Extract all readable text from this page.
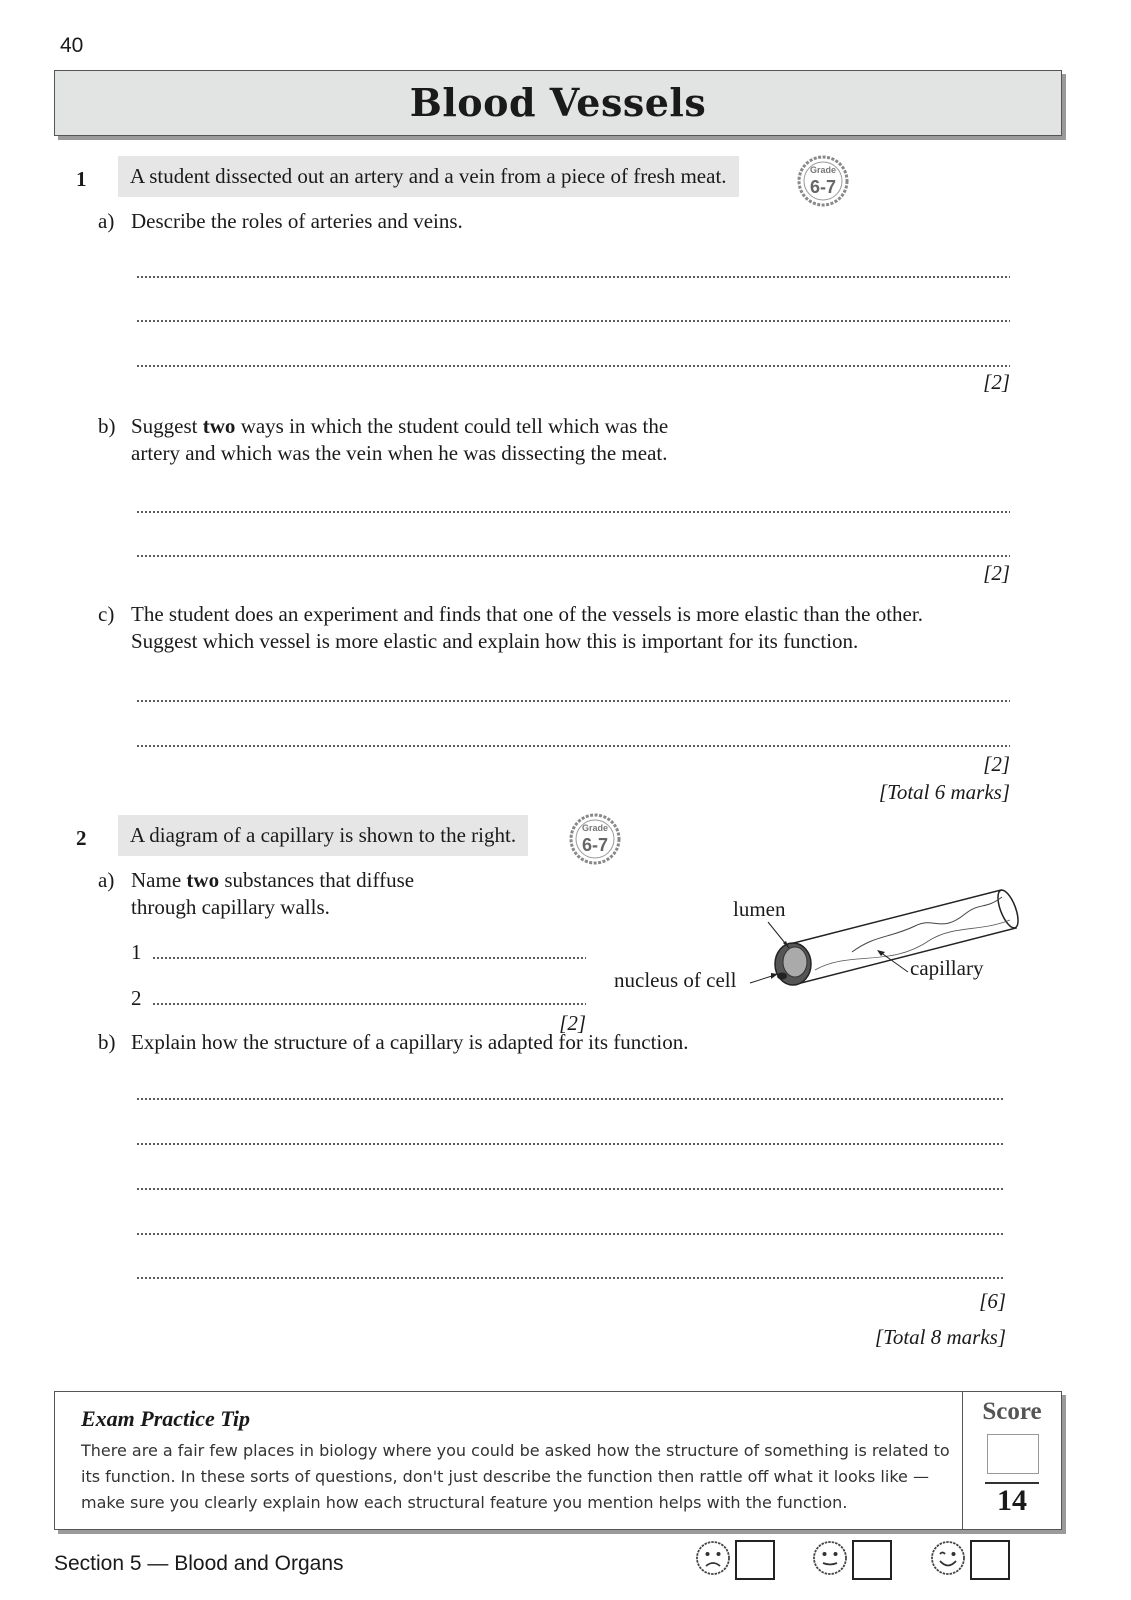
40
Blood Vessels
1	A student dissected out an artery and a vein from a piece of fresh meat.	Grade
6-7
a) Describe the roles of arteries and veins.
[2]
b) Suggest two ways in which the student could tell which was the
artery and which was the vein when he was dissecting the meat.
[2]
c) The student does an experiment and finds that one of the vessels is more elastic than the other.
Suggest which vessel is more elastic and explain how this is important for its function.
[2]
[Total 6 marks]
2	A diagram of a capillary is shown to the right.	Grade
6-7
a) Name two substances that diffuse
through capillary walls.
1
2
[2]
lumen
nucleus of cell	capillary
b) Explain how the structure of a capillary is adapted for its function.
[6]
[Total 8 marks]
Exam Practice Tip
There are a fair few places in biology where you could be asked how the structure of something is related to
its function. In these sorts of questions, don't just describe the function then rattle off what it looks like —
make sure you clearly explain how each structural feature you mention helps with the function.
Score
14
Section 5 — Blood and Organs
